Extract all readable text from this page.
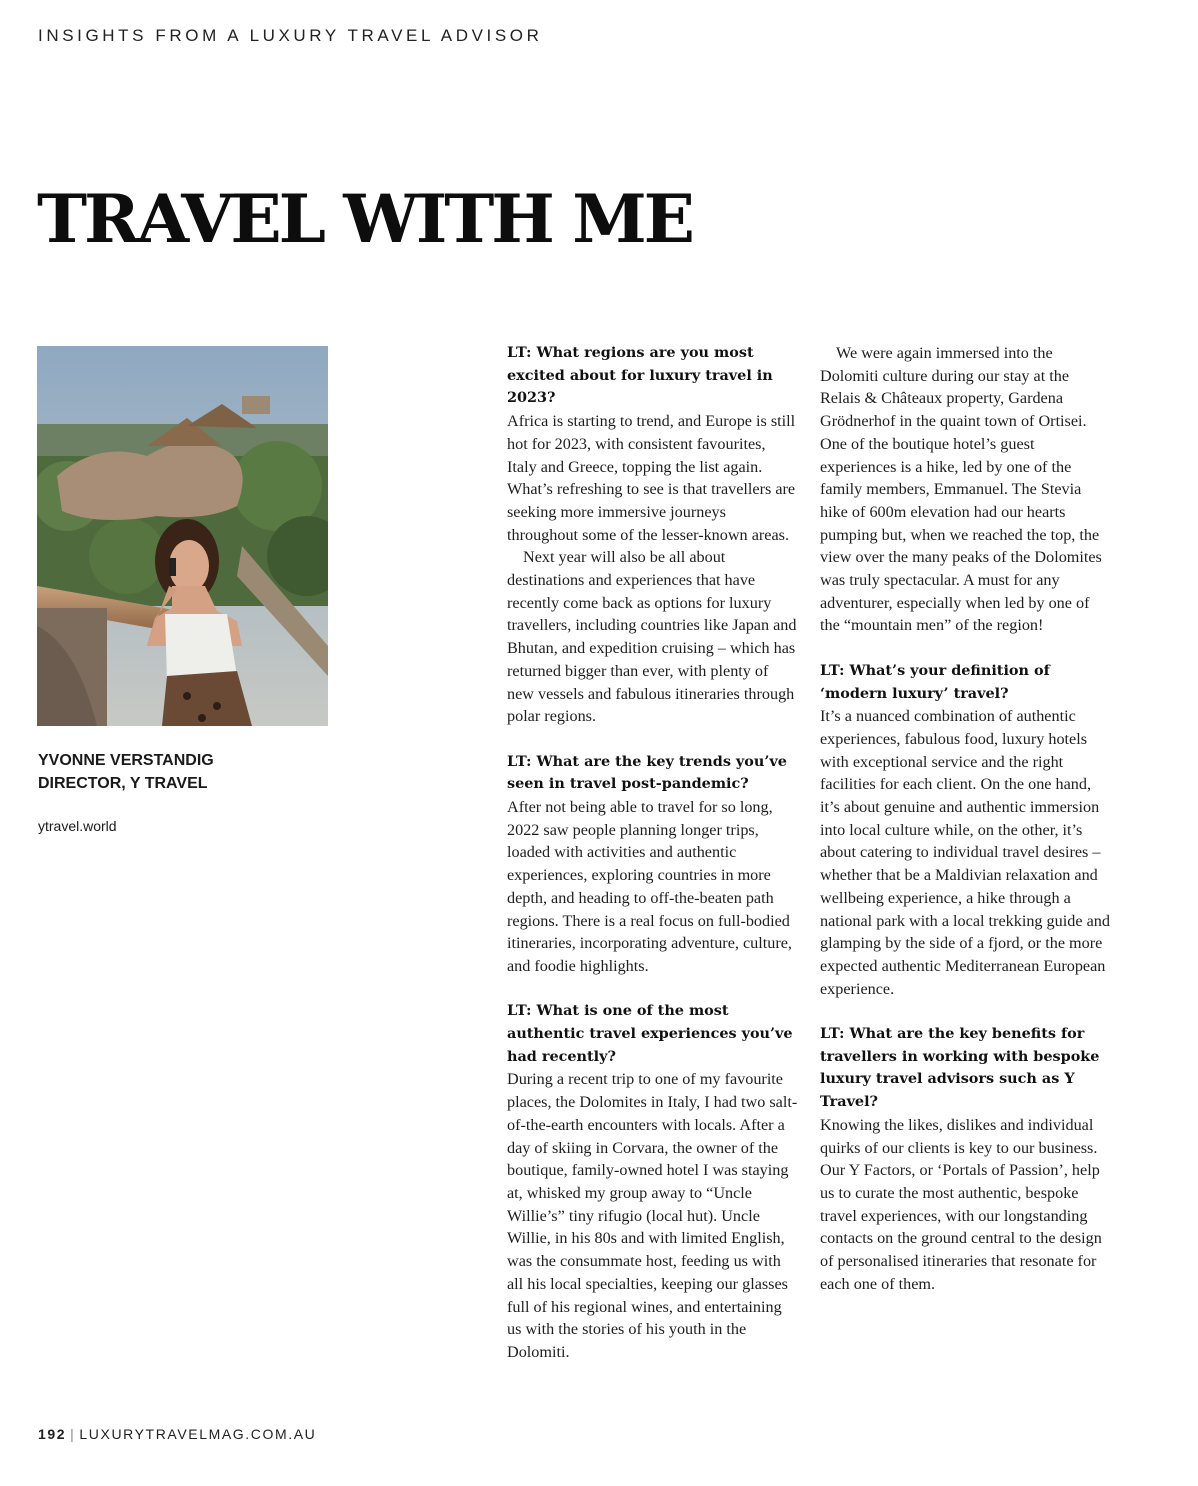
INSIGHTS FROM A LUXURY TRAVEL ADVISOR
TRAVEL WITH ME
YVONNE VERSTANDIG
DIRECTOR, Y TRAVEL
ytravel.world

LT: What regions are you most excited about for luxury travel in 2023?

Africa is starting to trend, and Europe is still hot for 2023, with consistent favourites, Italy and Greece, topping the list again. What’s refreshing to see is that travellers are seeking more immersive journeys throughout some of the lesser-known areas.

Next year will also be all about destinations and experiences that have recently come back as options for luxury travellers, including countries like Japan and Bhutan, and expedition cruising – which has returned bigger than ever, with plenty of new vessels and fabulous itineraries through polar regions.

LT: What are the key trends you’ve seen in travel post-pandemic?

After not being able to travel for so long, 2022 saw people planning longer trips, loaded with activities and authentic experiences, exploring countries in more depth, and heading to off-the-beaten path regions. There is a real focus on full-bodied itineraries, incorporating adventure, culture, and foodie highlights.

LT: What is one of the most authentic travel experiences you’ve had recently?

During a recent trip to one of my favourite places, the Dolomites in Italy, I had two salt-of-the-earth encounters with locals. After a day of skiing in Corvara, the owner of the boutique, family-owned hotel I was staying at, whisked my group away to “Uncle Willie’s” tiny rifugio (local hut). Uncle Willie, in his 80s and with limited English, was the consummate host, feeding us with all his local specialties, keeping our glasses full of his regional wines, and entertaining us with the stories of his youth in the Dolomiti.

We were again immersed into the Dolomiti culture during our stay at the Relais & Châteaux property, Gardena Grödnerhof in the quaint town of Ortisei. One of the boutique hotel’s guest experiences is a hike, led by one of the family members, Emmanuel. The Stevia hike of 600m elevation had our hearts pumping but, when we reached the top, the view over the many peaks of the Dolomites was truly spectacular. A must for any adventurer, especially when led by one of the “mountain men” of the region!

LT: What’s your definition of ‘modern luxury’ travel?

It’s a nuanced combination of authentic experiences, fabulous food, luxury hotels with exceptional service and the right facilities for each client. On the one hand, it’s about genuine and authentic immersion into local culture while, on the other, it’s about catering to individual travel desires – whether that be a Maldivian relaxation and wellbeing experience, a hike through a national park with a local trekking guide and glamping by the side of a fjord, or the more expected authentic Mediterranean European experience.

LT: What are the key benefits for travellers in working with bespoke luxury travel advisors such as Y Travel?

Knowing the likes, dislikes and individual quirks of our clients is key to our business. Our Y Factors, or ‘Portals of Passion’, help us to curate the most authentic, bespoke travel experiences, with our longstanding contacts on the ground central to the design of personalised itineraries that resonate for each one of them.

192 | LUXURYTRAVELMAG.COM.AU
